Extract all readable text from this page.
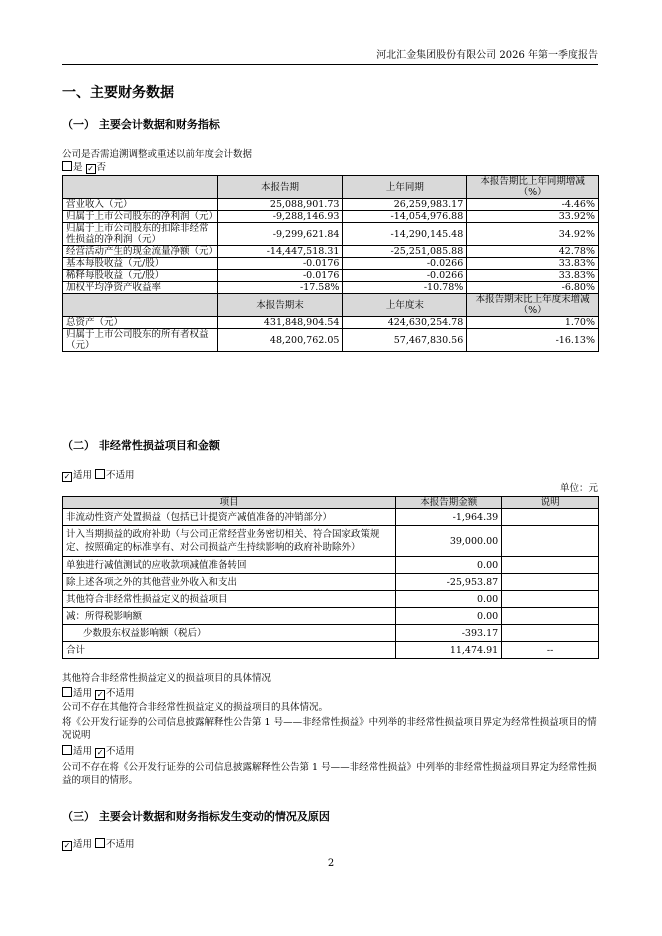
河北汇金集团股份有限公司 2026 年第一季度报告
一、主要财务数据
（一） 主要会计数据和财务指标
公司是否需追溯调整或重述以前年度会计数据
是 ✓ 否
	本报告期	上年同期	本报告期比上年同期增减（%）
营业收入（元）	25,088,901.73	26,259,983.17	-4.46%
归属于上市公司股东的净利润（元）	-9,288,146.93	-14,054,976.88	33.92%
归属于上市公司股东的扣除非经常性损益的净利润（元）	-9,299,621.84	-14,290,145.48	34.92%
经营活动产生的现金流量净额（元）	-14,447,518.31	-25,251,085.88	42.78%
基本每股收益（元/股）	-0.0176	-0.0266	33.83%
稀释每股收益（元/股）	-0.0176	-0.0266	33.83%
加权平均净资产收益率	-17.58%	-10.78%	-6.80%
	本报告期末	上年度末	本报告期末比上年度末增减（%）
总资产（元）	431,848,904.54	424,630,254.78	1.70%
归属于上市公司股东的所有者权益（元）	48,200,762.05	57,467,830.56	-16.13%
（二） 非经常性损益项目和金额
✓ 适用 不适用
单位：元
项目	本报告期金额	说明
非流动性资产处置损益（包括已计提资产减值准备的冲销部分）	-1,964.39	
计入当期损益的政府补助（与公司正常经营业务密切相关、符合国家政策规定、按照确定的标准享有、对公司损益产生持续影响的政府补助除外）	39,000.00	
单独进行减值测试的应收款项减值准备转回	0.00	
除上述各项之外的其他营业外收入和支出	-25,953.87	
其他符合非经常性损益定义的损益项目	0.00	
减：所得税影响额	0.00	
少数股东权益影响额（税后）	-393.17	
合计	11,474.91	--
其他符合非经常性损益定义的损益项目的具体情况
适用 ✓ 不适用
公司不存在其他符合非经常性损益定义的损益项目的具体情况。
将《公开发行证券的公司信息披露解释性公告第 1 号——非经常性损益》中列举的非经常性损益项目界定为经常性损益项目的情况说明
适用 ✓ 不适用
公司不存在将《公开发行证券的公司信息披露解释性公告第 1 号——非经常性损益》中列举的非经常性损益项目界定为经常性损益的项目的情形。
（三） 主要会计数据和财务指标发生变动的情况及原因
✓ 适用 不适用
2
